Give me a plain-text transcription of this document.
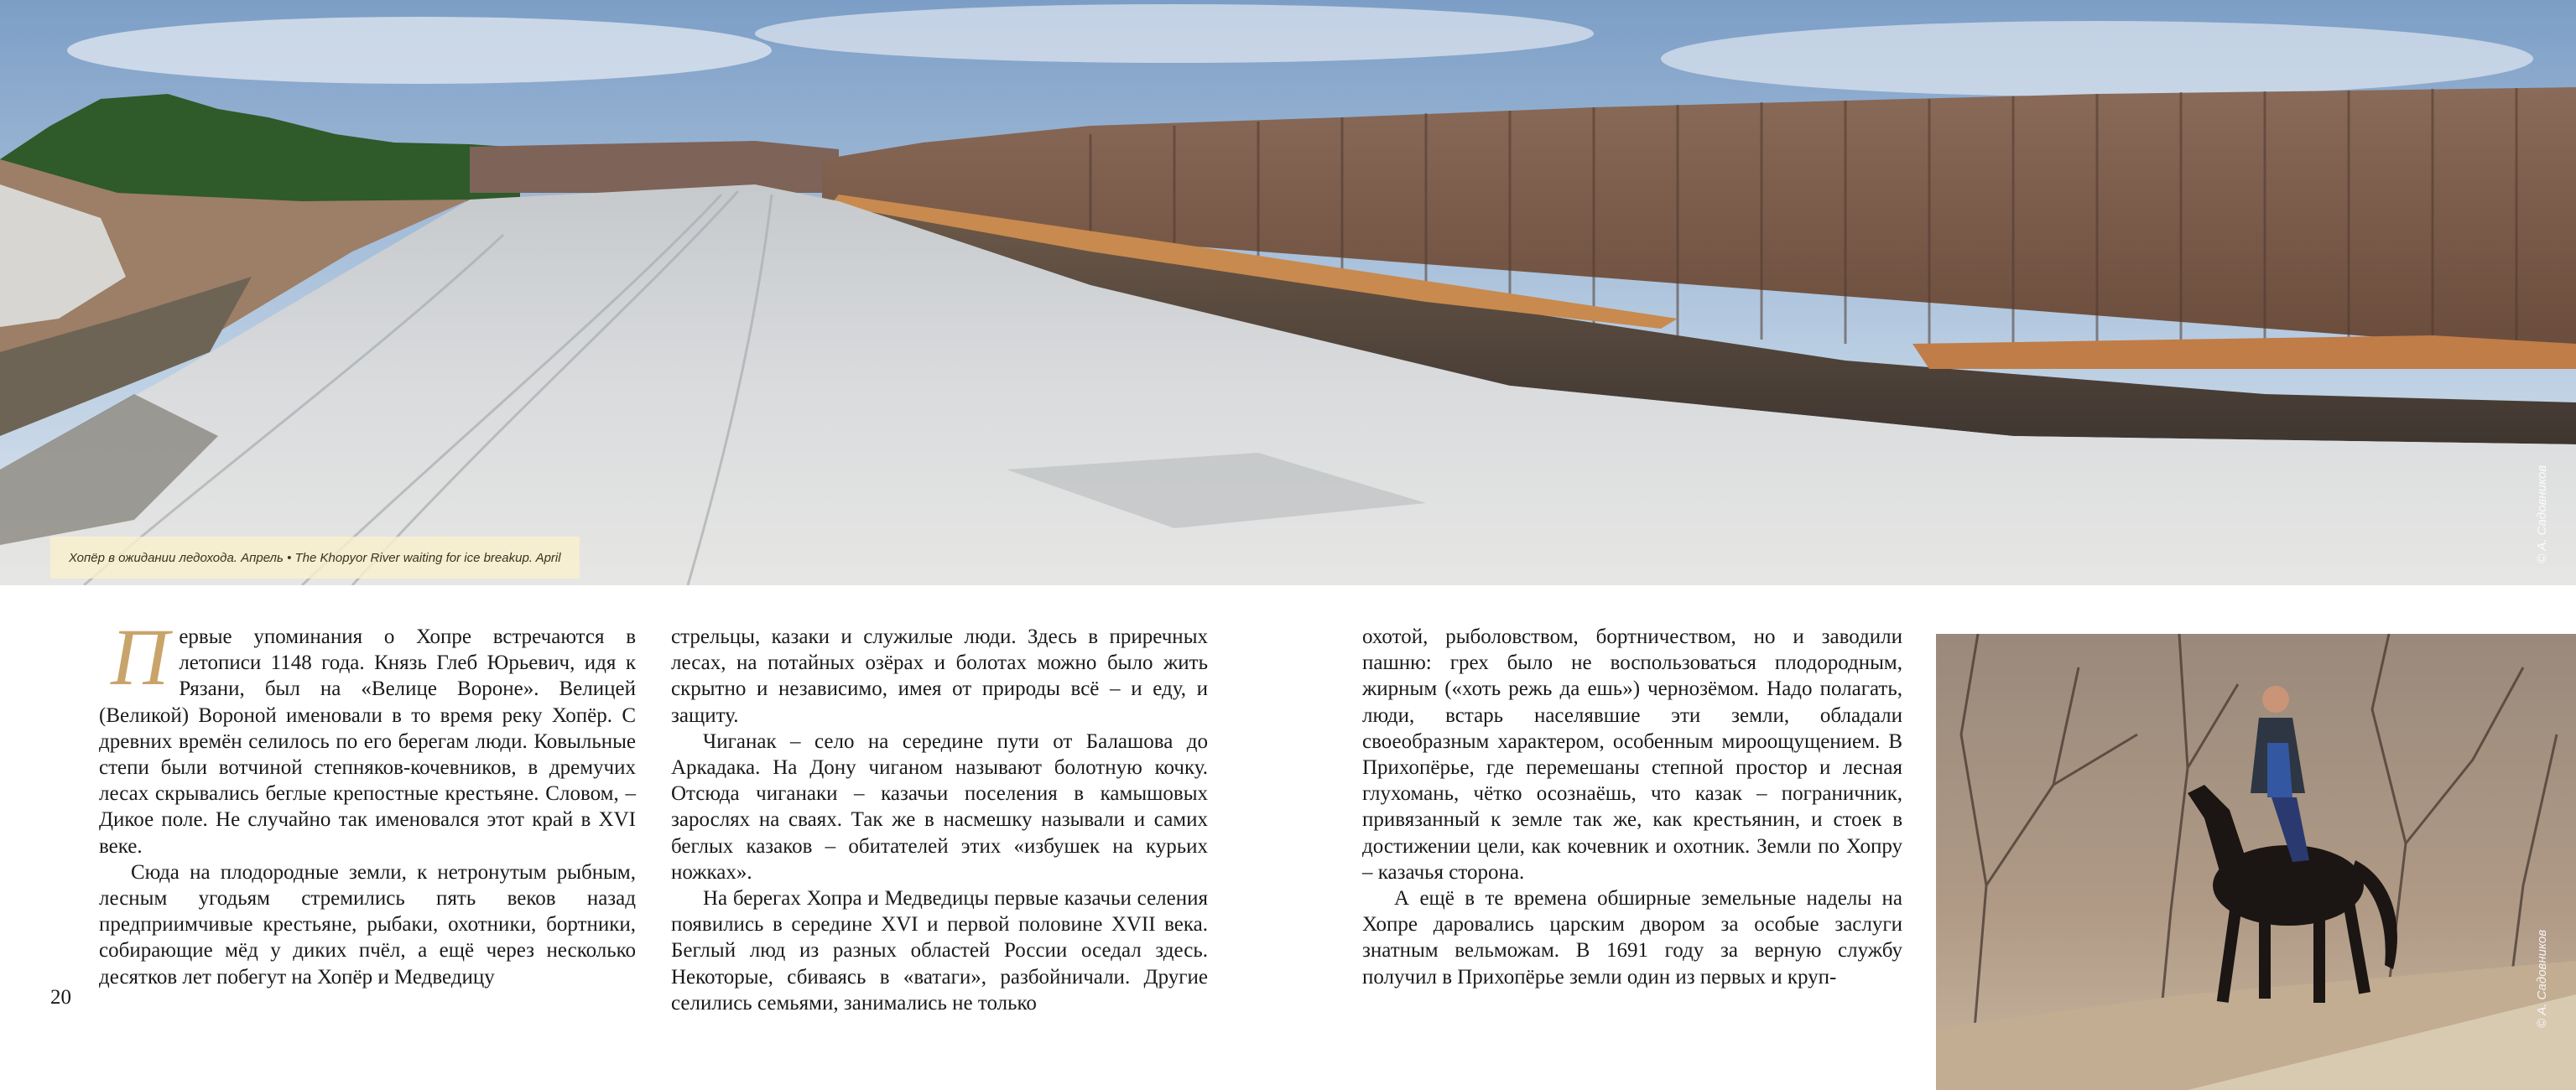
Хопёр в ожидании ледохода. Апрель • The Khopyor River waiting for ice breakup. April	© А. Садовников
П ервые упоминания о Хопре встречаются в летописи 1148 года. Князь Глеб Юрьевич, идя к Рязани, был на «Велице Вороне». Велицей (Великой) Вороной именовали в то время реку Хопёр. С древних времён селилось по его берегам люди. Ковыльные степи были вотчиной степняков-кочевников, в дремучих лесах скрывались беглые крепостные крестьяне. Словом, – Дикое поле. Не случайно так именовался этот край в XVI веке.

Сюда на плодородные земли, к нетронутым рыбным, лесным угодьям стремились пять веков назад предприимчивые крестьяне, рыбаки, охотники, бортники, собирающие мёд у диких пчёл, а ещё через несколько десятков лет побегут на Хопёр и Медведицу

стрельцы, казаки и служилые люди. Здесь в приречных лесах, на потайных озёрах и болотах можно было жить скрытно и независимо, имея от природы всё – и еду, и защиту.

Чиганак – село на середине пути от Балашова до Аркадака. На Дону чиганом называют болотную кочку. Отсюда чиганаки – казачьи поселения в камышовых зарослях на сваях. Так же в насмешку называли и самих беглых казаков – обитателей этих «избушек на курьих ножках».

На берегах Хопра и Медведицы первые казачьи селения появились в середине XVI и первой половине XVII века. Беглый люд из разных областей России оседал здесь. Некоторые, сбиваясь в «ватаги», разбойничали. Другие селились семьями, занимались не только

охотой, рыболовством, бортничеством, но и заводили пашню: грех было не воспользоваться плодородным, жирным («хоть режь да ешь») чернозёмом. Надо полагать, люди, встарь населявшие эти земли, обладали своеобразным характером, особенным мироощущением. В Прихопёрье, где перемешаны степной простор и лесная глухомань, чётко осознаёшь, что казак – пограничник, привязанный к земле так же, как крестьянин, и стоек в достижении цели, как кочевник и охотник. Земли по Хопру – казачья сторона.

А ещё в те времена обширные земельные наделы на Хопре даровались царским двором за особые заслуги знатным вельможам. В 1691 году за верную службу получил в Прихопёрье земли один из первых и круп-

20	© А. Садовников
